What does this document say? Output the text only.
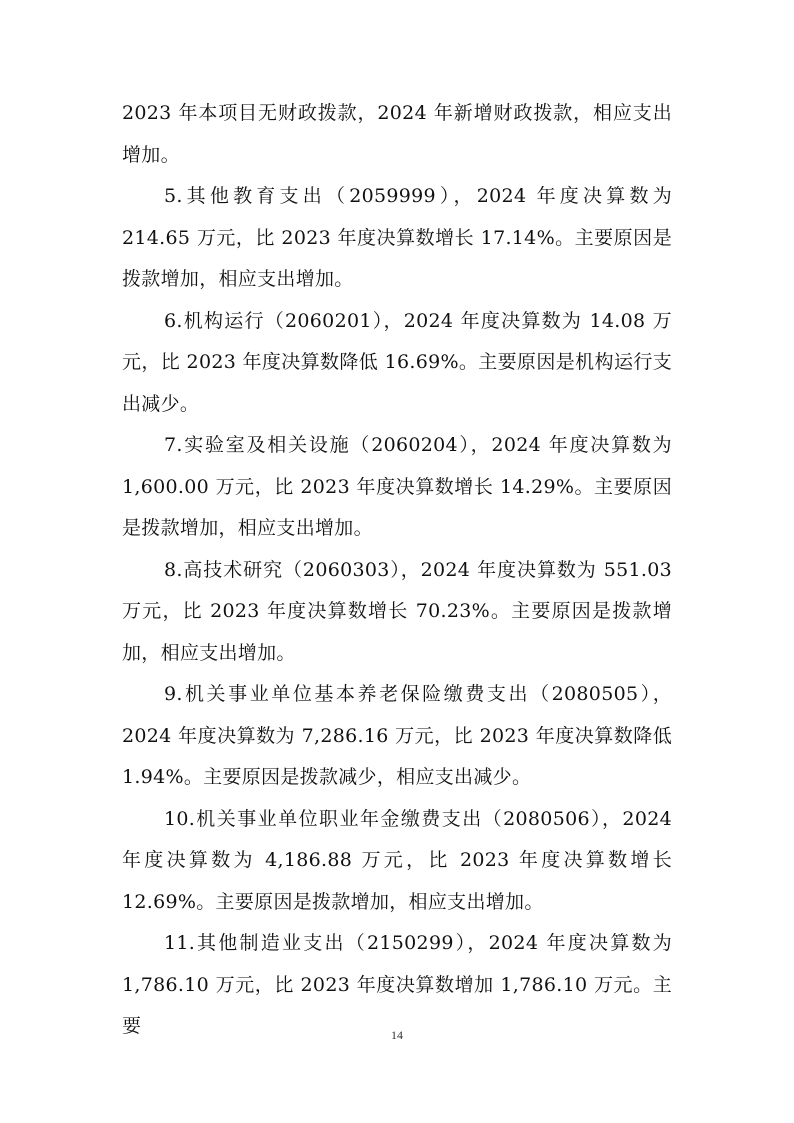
2023 年本项目无财政拨款，2024 年新增财政拨款，相应支出增加。

5.其他教育支出（2059999），2024 年度决算数为 214.65 万元，比 2023 年度决算数增长 17.14%。主要原因是拨款增加，相应支出增加。

6.机构运行（2060201），2024 年度决算数为 14.08 万元，比 2023 年度决算数降低 16.69%。主要原因是机构运行支出减少。

7.实验室及相关设施（2060204），2024 年度决算数为 1,600.00 万元，比 2023 年度决算数增长 14.29%。主要原因是拨款增加，相应支出增加。

8.高技术研究（2060303），2024 年度决算数为 551.03 万元，比 2023 年度决算数增长 70.23%。主要原因是拨款增加，相应支出增加。

9.机关事业单位基本养老保险缴费支出（2080505），2024 年度决算数为 7,286.16 万元，比 2023 年度决算数降低 1.94%。主要原因是拨款减少，相应支出减少。

10.机关事业单位职业年金缴费支出（2080506），2024 年度决算数为 4,186.88 万元，比 2023 年度决算数增长 12.69%。主要原因是拨款增加，相应支出增加。

11.其他制造业支出（2150299），2024 年度决算数为 1,786.10 万元，比 2023 年度决算数增加 1,786.10 万元。主要	14
